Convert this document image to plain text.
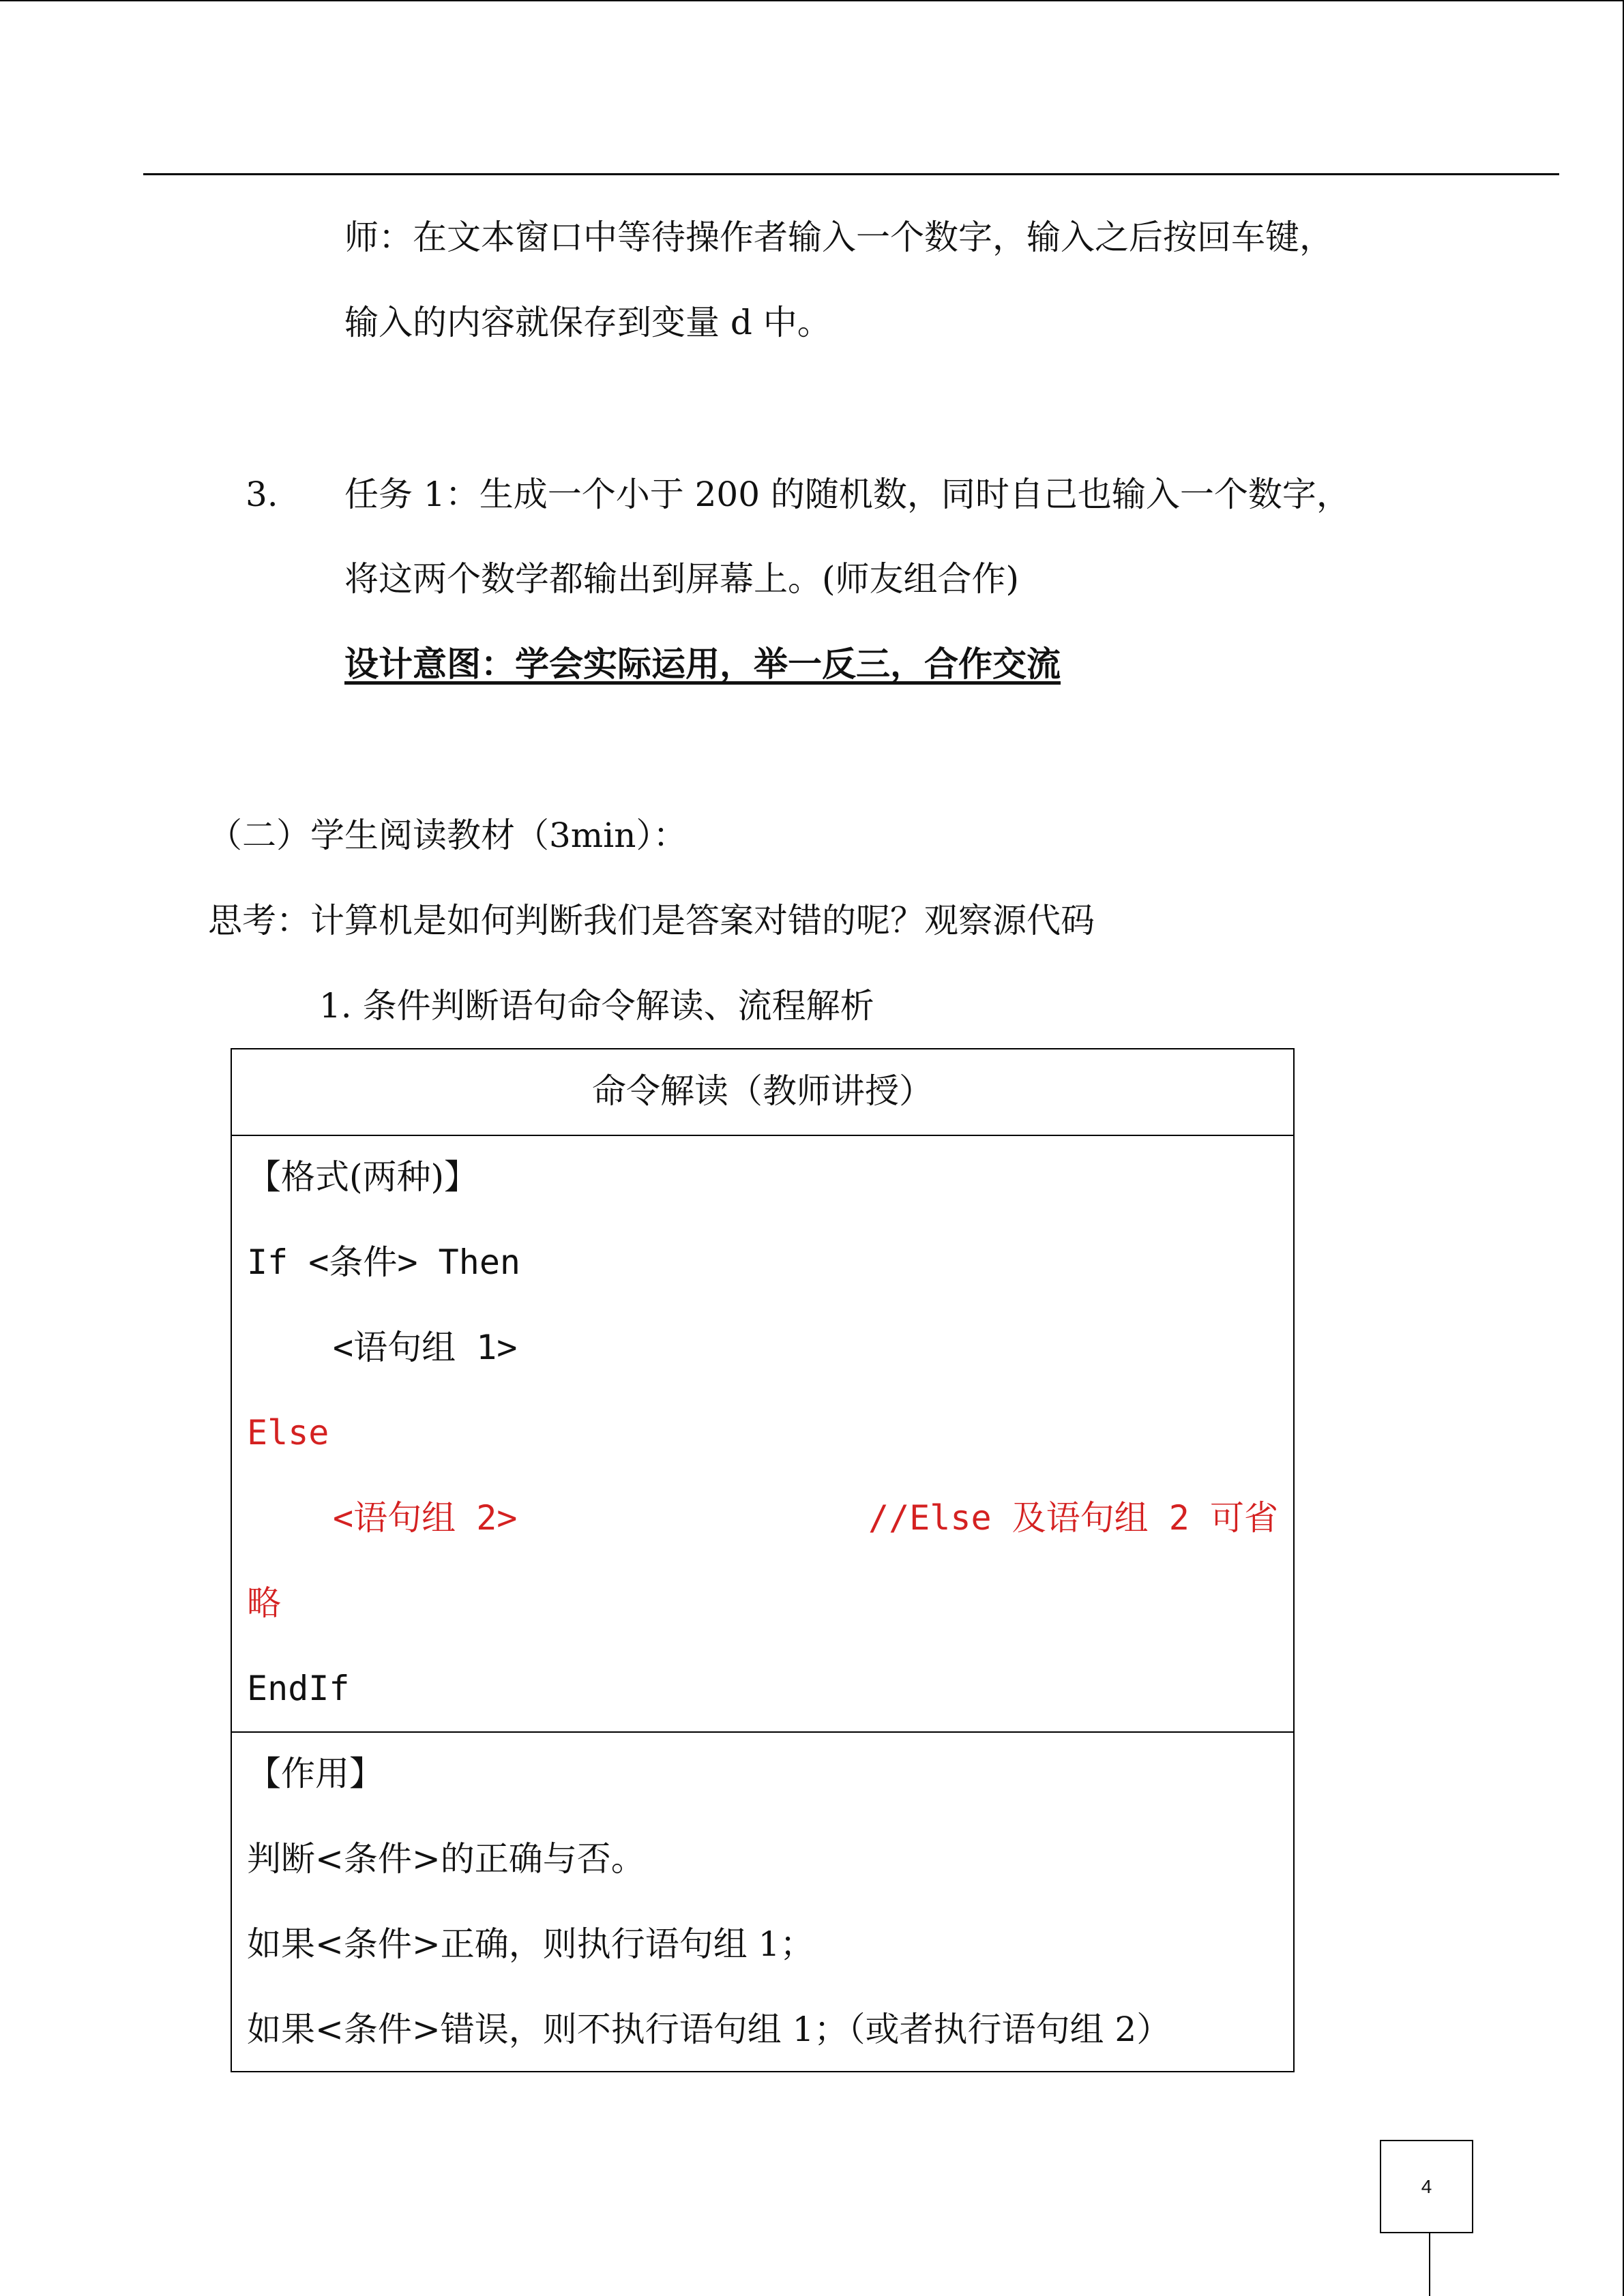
师：在文本窗口中等待操作者输入一个数字，输入之后按回车键，
输入的内容就保存到变量 d 中。
3. 任务 1：生成一个小于 200 的随机数，同时自己也输入一个数字，
将这两个数学都输出到屏幕上。(师友组合作)
设计意图：学会实际运用，举一反三，合作交流
（二）学生阅读教材（3min）：
思考：计算机是如何判断我们是答案对错的呢？观察源代码
1. 条件判断语句命令解读、流程解析
命令解读（教师讲授）
【格式(两种)】
If <条件> Then
<语句组 1>
Else
<语句组 2>	//Else 及语句组 2 可省
略
EndIf
【作用】
判断<条件>的正确与否。
如果<条件>正确，则执行语句组 1；
如果<条件>错误，则不执行语句组 1；（或者执行语句组 2）
4
